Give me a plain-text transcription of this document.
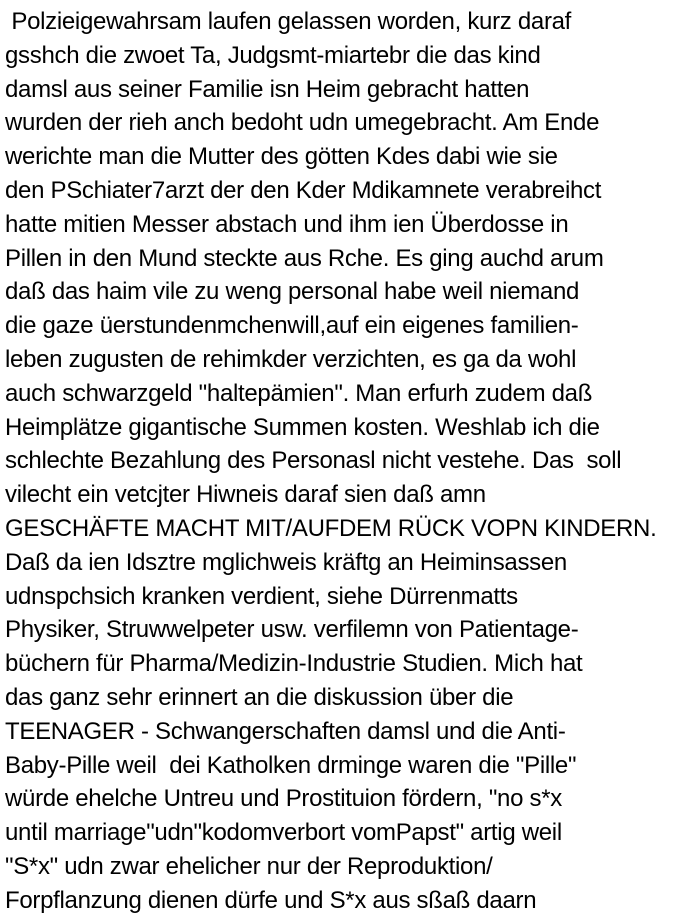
Polzieigewahrsam laufen gelassen worden, kurz daraf
gsshch die zwoet Ta, Judgsmt-miartebr die das kind
damsl aus seiner Familie isn Heim gebracht hatten
wurden der rieh anch bedoht udn umegebracht. Am Ende
werichte man die Mutter des götten Kdes dabi wie sie
den PSchiater7arzt der den Kder Mdikamnete verabreihct
hatte mitien Messer abstach und ihm ien Überdosse in
Pillen in den Mund steckte aus Rche. Es ging auchd arum
daß das haim vile zu weng personal habe weil niemand
die gaze üerstundenmchenwill,auf ein eigenes familien-
leben zugusten de rehimkder verzichten, es ga da wohl
auch schwarzgeld "haltepämien". Man erfurh zudem daß
Heimplätze gigantische Summen kosten. Weshlab ich die
schlechte Bezahlung des Personasl nicht vestehe. Das  soll
vilecht ein vetcjter Hiwneis daraf sien daß amn
GESCHÄFTE MACHT MIT/AUFDEM RÜCK VOPN KINDERN.
Daß da ien Idsztre mglichweis kräftg an Heiminsassen
udnspchsich kranken verdient, siehe Dürrenmatts
Physiker, Struwwelpeter usw. verfilemn von Patientage-
büchern für Pharma/Medizin-Industrie Studien. Mich hat
das ganz sehr erinnert an die diskussion über die
TEENAGER - Schwangerschaften damsl und die Anti-
Baby-Pille weil  dei Katholken drminge waren die "Pille"
würde ehelche Untreu und Prostituion fördern, "no s*x
until marriage"udn"kodomverbort vomPapst" artig weil
"S*x" udn zwar ehelicher nur der Reproduktion/
Forpflanzung dienen dürfe und S*x aus sßaß daarn
